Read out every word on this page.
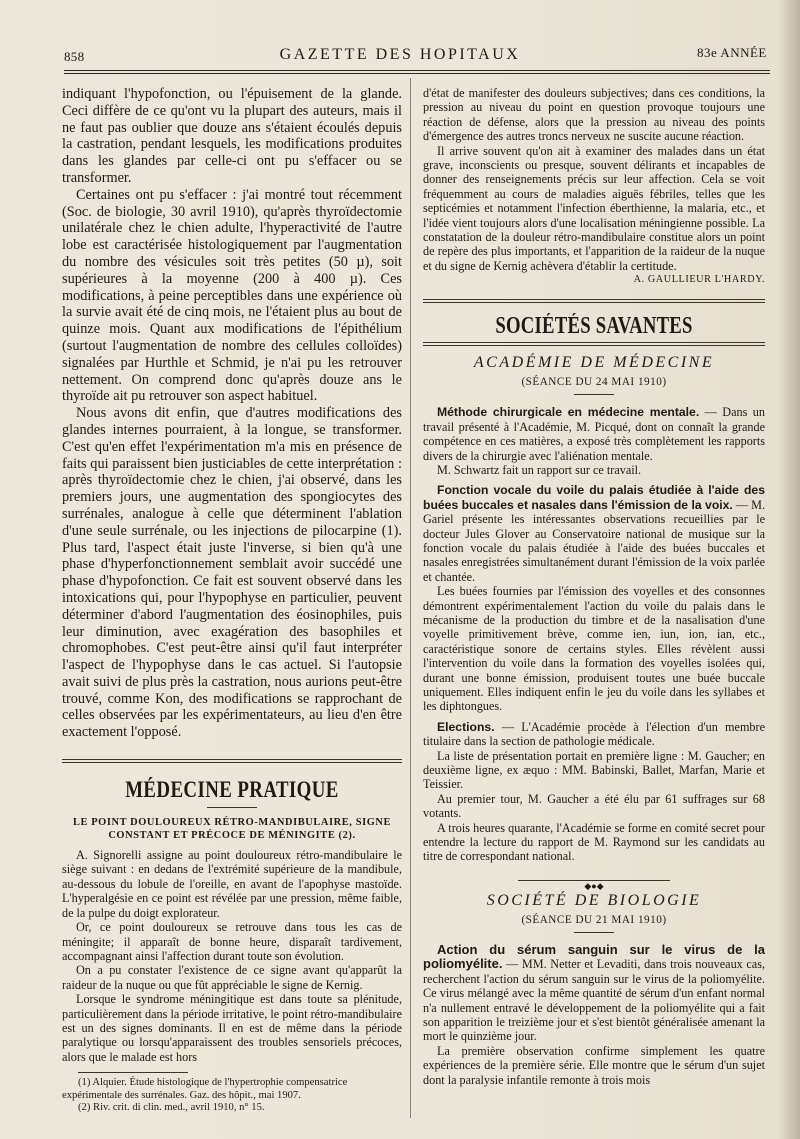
858	GAZETTE DES HOPITAUX	83e ANNÉE

indiquant l'hypofonction, ou l'épuisement de la glande. Ceci diffère de ce qu'ont vu la plupart des auteurs, mais il ne faut pas oublier que douze ans s'étaient écoulés depuis la castration, pendant lesquels, les modifications produites dans les glandes par celle-ci ont pu s'effacer ou se transformer.

Certaines ont pu s'effacer : j'ai montré tout récemment (Soc. de biologie, 30 avril 1910), qu'après thyroïdectomie unilatérale chez le chien adulte, l'hyperactivité de l'autre lobe est caractérisée histologiquement par l'augmentation du nombre des vésicules soit très petites (50 µ), soit supérieures à la moyenne (200 à 400 µ). Ces modifications, à peine perceptibles dans une expérience où la survie avait été de cinq mois, ne l'étaient plus au bout de quinze mois. Quant aux modifications de l'épithélium (surtout l'augmentation de nombre des cellules colloïdes) signalées par Hurthle et Schmid, je n'ai pu les retrouver nettement. On comprend donc qu'après douze ans le thyroïde ait pu retrouver son aspect habituel.

Nous avons dit enfin, que d'autres modifications des glandes internes pourraient, à la longue, se transformer. C'est qu'en effet l'expérimentation m'a mis en présence de faits qui paraissent bien justiciables de cette interprétation : après thyroïdectomie chez le chien, j'ai observé, dans les premiers jours, une augmentation des spongiocytes des surrénales, analogue à celle que déterminent l'ablation d'une seule surrénale, ou les injections de pilocarpine (1). Plus tard, l'aspect était juste l'inverse, si bien qu'à une phase d'hyperfonctionnement semblait avoir succédé une phase d'hypofonction. Ce fait est souvent observé dans les intoxications qui, pour l'hypophyse en particulier, peuvent déterminer d'abord l'augmentation des éosinophiles, puis leur diminution, avec exagération des basophiles et chromophobes. C'est peut-être ainsi qu'il faut interpréter l'aspect de l'hypophyse dans le cas actuel. Si l'autopsie avait suivi de plus près la castration, nous aurions peut-être trouvé, comme Kon, des modifications se rapprochant de celles observées par les expérimentateurs, au lieu d'en être exactement l'opposé.

MÉDECINE PRATIQUE
LE POINT DOULOUREUX RÉTRO-MANDIBULAIRE, SIGNE CONSTANT ET PRÉCOCE DE MÉNINGITE (2).

A. Signorelli assigne au point douloureux rétro-mandibulaire le siège suivant : en dedans de l'extrémité supérieure de la mandibule, au-dessous du lobule de l'oreille, en avant de l'apophyse mastoïde. L'hyperalgésie en ce point est révélée par une pression, même faible, de la pulpe du doigt explorateur.

Or, ce point douloureux se retrouve dans tous les cas de méningite; il apparaît de bonne heure, disparaît tardivement, accompagnant ainsi l'affection durant toute son évolution.

On a pu constater l'existence de ce signe avant qu'apparût la raideur de la nuque ou que fût appréciable le signe de Kernig.

Lorsque le syndrome méningitique est dans toute sa plénitude, particulièrement dans la période irritative, le point rétro-mandibulaire est un des signes dominants. Il en est de même dans la période paralytique ou lorsqu'apparaissent des troubles sensoriels précoces, alors que le malade est hors

(1) Alquier. Étude histologique de l'hypertrophie compensatrice expérimentale des surrénales. Gaz. des hôpit., mai 1907.

(2) Riv. crit. di clin. med., avril 1910, n° 15.

d'état de manifester des douleurs subjectives; dans ces conditions, la pression au niveau du point en question provoque toujours une réaction de défense, alors que la pression au niveau des points d'émergence des autres troncs nerveux ne suscite aucune réaction.

Il arrive souvent qu'on ait à examiner des malades dans un état grave, inconscients ou presque, souvent délirants et incapables de donner des renseignements précis sur leur affection. Cela se voit fréquemment au cours de maladies aiguës fébriles, telles que les septicémies et notamment l'infection éberthienne, la malaria, etc., et l'idée vient toujours alors d'une localisation méningienne possible. La constatation de la douleur rétro-mandibulaire constitue alors un point de repère des plus importants, et l'apparition de la raideur de la nuque et du signe de Kernig achèvera d'établir la certitude.

A. GAULLIEUR L'HARDY.
SOCIÉTÉS SAVANTES
ACADÉMIE DE MÉDECINE
(SÉANCE DU 24 MAI 1910)

Méthode chirurgicale en médecine mentale. — Dans un travail présenté à l'Académie, M. Picqué, dont on connaît la grande compétence en ces matières, a exposé très complètement les rapports divers de la chirurgie avec l'aliénation mentale.

M. Schwartz fait un rapport sur ce travail.

Fonction vocale du voile du palais étudiée à l'aide des buées buccales et nasales dans l'émission de la voix. — M. Gariel présente les intéressantes observations recueillies par le docteur Jules Glover au Conservatoire national de musique sur la fonction vocale du palais étudiée à l'aide des buées buccales et nasales enregistrées simultanément durant l'émission de la voix parlée et chantée.

Les buées fournies par l'émission des voyelles et des consonnes démontrent expérimentalement l'action du voile du palais dans le mécanisme de la production du timbre et de la nasalisation d'une voyelle primitivement brève, comme ien, iun, ion, ian, etc., caractéristique sonore de certains styles. Elles révèlent aussi l'intervention du voile dans la formation des voyelles isolées qui, durant une bonne émission, produisent toutes une buée buccale uniquement. Elles indiquent enfin le jeu du voile dans les syllabes et les diphtongues.

Elections. — L'Académie procède à l'élection d'un membre titulaire dans la section de pathologie médicale.

La liste de présentation portait en première ligne : M. Gaucher; en deuxième ligne, ex æquo : MM. Babinski, Ballet, Marfan, Marie et Teissier.

Au premier tour, M. Gaucher a été élu par 61 suffrages sur 68 votants.

A trois heures quarante, l'Académie se forme en comité secret pour entendre la lecture du rapport de M. Raymond sur les candidats au titre de correspondant national.

◆●◆
SOCIÉTÉ DE BIOLOGIE
(SÉANCE DU 21 MAI 1910)

Action du sérum sanguin sur le virus de la poliomyélite. — MM. Netter et Levaditi, dans trois nouveaux cas, recherchent l'action du sérum sanguin sur le virus de la poliomyélite. Ce virus mélangé avec la même quantité de sérum d'un enfant normal n'a nullement entravé le développement de la poliomyélite qui a fait son apparition le treizième jour et s'est bientôt généralisée amenant la mort le quinzième jour.

La première observation confirme simplement les quatre expériences de la première série. Elle montre que le sérum d'un sujet dont la paralysie infantile remonte à trois mois
